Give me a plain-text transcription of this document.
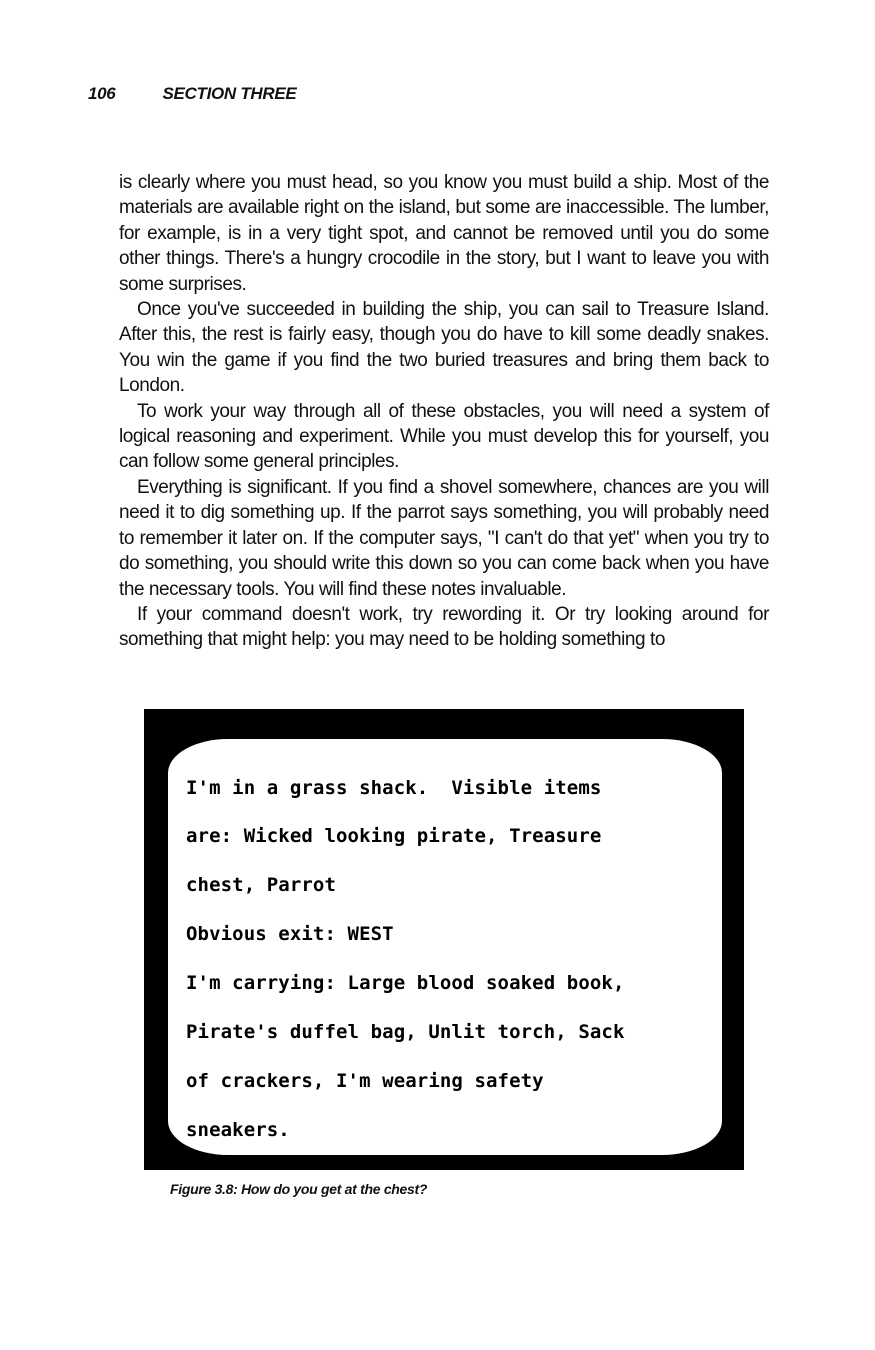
106	SECTION THREE

is clearly where you must head, so you know you must build a ship. Most of the materials are available right on the island, but some are inaccessible. The lumber, for example, is in a very tight spot, and cannot be removed until you do some other things. There's a hungry crocodile in the story, but I want to leave you with some surprises.

Once you've succeeded in building the ship, you can sail to Treasure Island. After this, the rest is fairly easy, though you do have to kill some deadly snakes. You win the game if you find the two buried treasures and bring them back to London.

To work your way through all of these obstacles, you will need a system of logical reasoning and experiment. While you must develop this for yourself, you can follow some general principles.

Everything is significant. If you find a shovel somewhere, chances are you will need it to dig something up. If the parrot says something, you will probably need to remember it later on. If the computer says, "I can't do that yet" when you try to do something, you should write this down so you can come back when you have the necessary tools. You will find these notes invaluable.

If your command doesn't work, try rewording it. Or try looking around for something that might help: you may need to be holding something to

I'm in a grass shack.  Visible items

are: Wicked looking pirate, Treasure

chest, Parrot

Obvious exit: WEST

I'm carrying: Large blood soaked book,

Pirate's duffel bag, Unlit torch, Sack

of crackers, I'm wearing safety

sneakers.

Figure 3.8: How do you get at the chest?
